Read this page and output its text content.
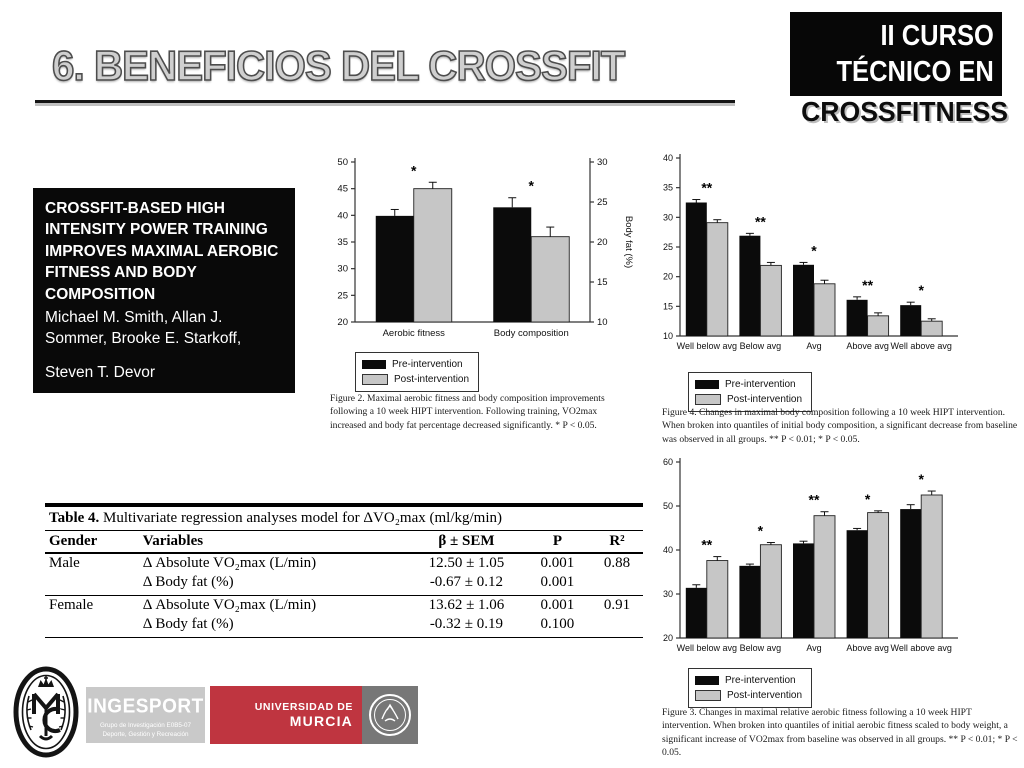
6. BENEFICIOS DEL CROSSFIT
II CURSO
TÉCNICO EN
CROSSFITNESS
CROSSFIT-BASED HIGH INTENSITY POWER TRAINING IMPROVES MAXIMAL AEROBIC FITNESS AND BODY COMPOSITION
Michael M. Smith, Allan J. Sommer, Brooke E. Starkoff,
Steven T. Devor
20
25
30
35
40
45
50
10
15
20
25
30
Body fat (%)
*
Aerobic fitness
*
Body composition
Pre-intervention
Post-intervention
Figure 2. Maximal aerobic fitness and body composition improvements following a 10 week HIPT intervention. Following training, VO2max increased and body fat percentage decreased significantly. * P < 0.05.
10
15
20
25
30
35
40
**
Well below avg
**
Below avg
*
Avg
**
Above avg
*
Well above avg
Pre-intervention
Post-intervention
Figure 4. Changes in maximal body composition following a 10 week HIPT intervention. When broken into quantiles of initial body composition, a significant decrease from baseline was observed in all groups. ** P < 0.01; * P < 0.05.
20
30
40
50
60
**
Well below avg
*
Below avg
**
Avg
*
Above avg
*
Well above avg
Pre-intervention
Post-intervention
Figure 3. Changes in maximal relative aerobic fitness following a 10 week HIPT intervention. When broken into quantiles of initial aerobic fitness scaled to body weight, a significant increase of VO2max from baseline was observed in all groups. ** P < 0.01; * P < 0.05.
Table 4. Multivariate regression analyses model for ΔVO₂max (ml/kg/min)
Gender	Variables	β ± SEM	P	R²
Male	Δ Absolute VO₂max (L/min)	12.50 ± 1.05	0.001	0.88
	Δ Body fat (%)	-0.67 ± 0.12	0.001	
Female	Δ Absolute VO₂max (L/min)	13.62 ± 1.06	0.001	0.91
	Δ Body fat (%)	-0.32 ± 0.19	0.100	
INGESPORT
Grupo de Investigación E0B5-07
Deporte, Gestión y Recreación
UNIVERSIDAD DE
MURCIA
